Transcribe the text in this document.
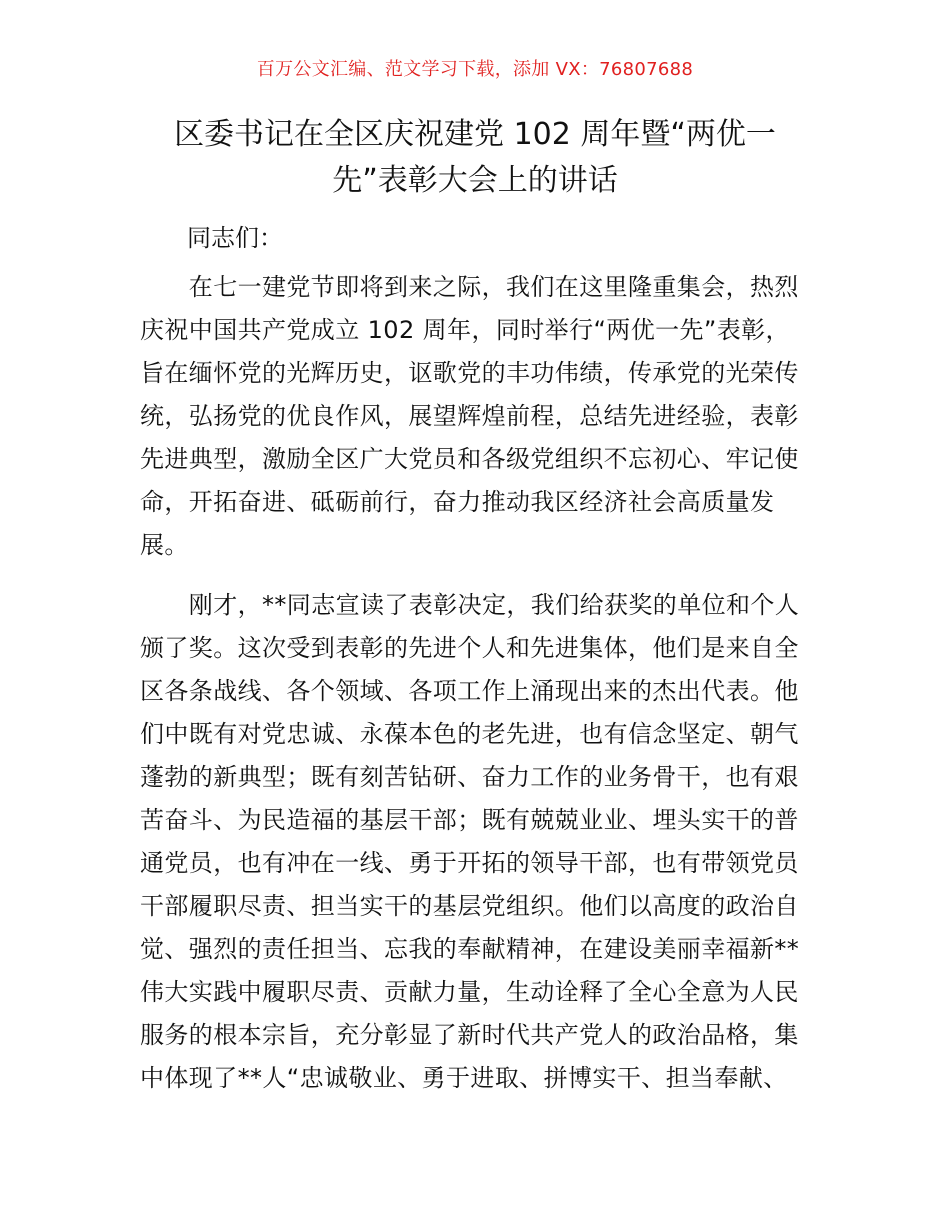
百万公文汇编、范文学习下载，添加 VX：76807688
区委书记在全区庆祝建党 102 周年暨“两优一
先”表彰大会上的讲话
同志们：
　　在七一建党节即将到来之际，我们在这里隆重集会，热烈
庆祝中国共产党成立 102 周年，同时举行“两优一先”表彰，
旨在缅怀党的光辉历史，讴歌党的丰功伟绩，传承党的光荣传
统，弘扬党的优良作风，展望辉煌前程，总结先进经验，表彰
先进典型，激励全区广大党员和各级党组织不忘初心、牢记使
命，开拓奋进、砥砺前行，奋力推动我区经济社会高质量发
展。
　　刚才，**同志宣读了表彰决定，我们给获奖的单位和个人
颁了奖。这次受到表彰的先进个人和先进集体，他们是来自全
区各条战线、各个领域、各项工作上涌现出来的杰出代表。他
们中既有对党忠诚、永葆本色的老先进，也有信念坚定、朝气
蓬勃的新典型；既有刻苦钻研、奋力工作的业务骨干，也有艰
苦奋斗、为民造福的基层干部；既有兢兢业业、埋头实干的普
通党员，也有冲在一线、勇于开拓的领导干部，也有带领党员
干部履职尽责、担当实干的基层党组织。他们以高度的政治自
觉、强烈的责任担当、忘我的奉献精神，在建设美丽幸福新**
伟大实践中履职尽责、贡献力量，生动诠释了全心全意为人民
服务的根本宗旨，充分彰显了新时代共产党人的政治品格，集
中体现了**人“忠诚敬业、勇于进取、拼博实干、担当奉献、
